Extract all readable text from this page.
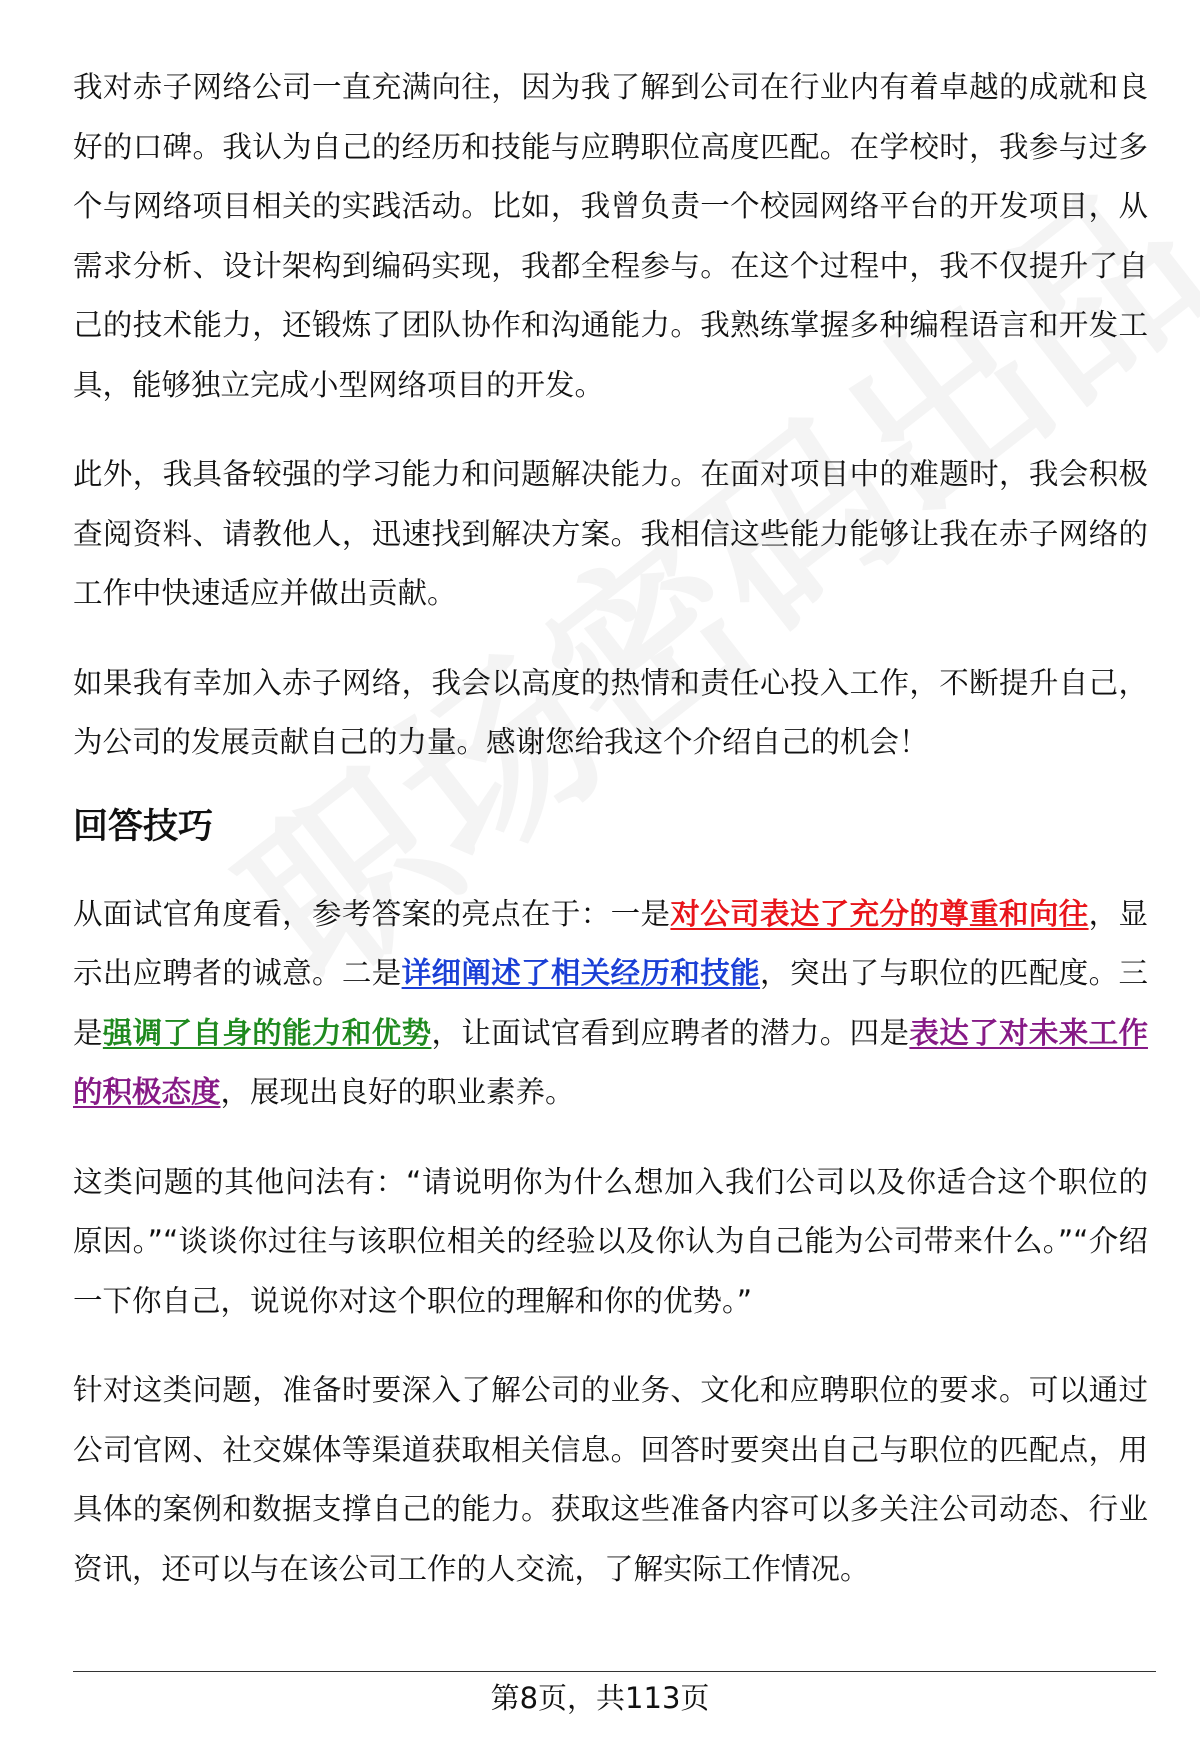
我对赤子网络公司一直充满向往，因为我了解到公司在行业内有着卓越的成就和良好的口碑。我认为自己的经历和技能与应聘职位高度匹配。在学校时，我参与过多个与网络项目相关的实践活动。比如，我曾负责一个校园网络平台的开发项目，从需求分析、设计架构到编码实现，我都全程参与。在这个过程中，我不仅提升了自己的技术能力，还锻炼了团队协作和沟通能力。我熟练掌握多种编程语言和开发工具，能够独立完成小型网络项目的开发。

此外，我具备较强的学习能力和问题解决能力。在面对项目中的难题时，我会积极查阅资料、请教他人，迅速找到解决方案。我相信这些能力能够让我在赤子网络的工作中快速适应并做出贡献。

如果我有幸加入赤子网络，我会以高度的热情和责任心投入工作，不断提升自己，为公司的发展贡献自己的力量。感谢您给我这个介绍自己的机会！

回答技巧

从面试官角度看，参考答案的亮点在于：一是对公司表达了充分的尊重和向往，显示出应聘者的诚意。二是详细阐述了相关经历和技能，突出了与职位的匹配度。三是强调了自身的能力和优势，让面试官看到应聘者的潜力。四是表达了对未来工作的积极态度，展现出良好的职业素养。

这类问题的其他问法有：“请说明你为什么想加入我们公司以及你适合这个职位的原因。”“谈谈你过往与该职位相关的经验以及你认为自己能为公司带来什么。”“介绍一下你自己，说说你对这个职位的理解和你的优势。”

针对这类问题，准备时要深入了解公司的业务、文化和应聘职位的要求。可以通过公司官网、社交媒体等渠道获取相关信息。回答时要突出自己与职位的匹配点，用具体的案例和数据支撑自己的能力。获取这些准备内容可以多关注公司动态、行业资讯，还可以与在该公司工作的人交流，了解实际工作情况。

第8页，共113页
